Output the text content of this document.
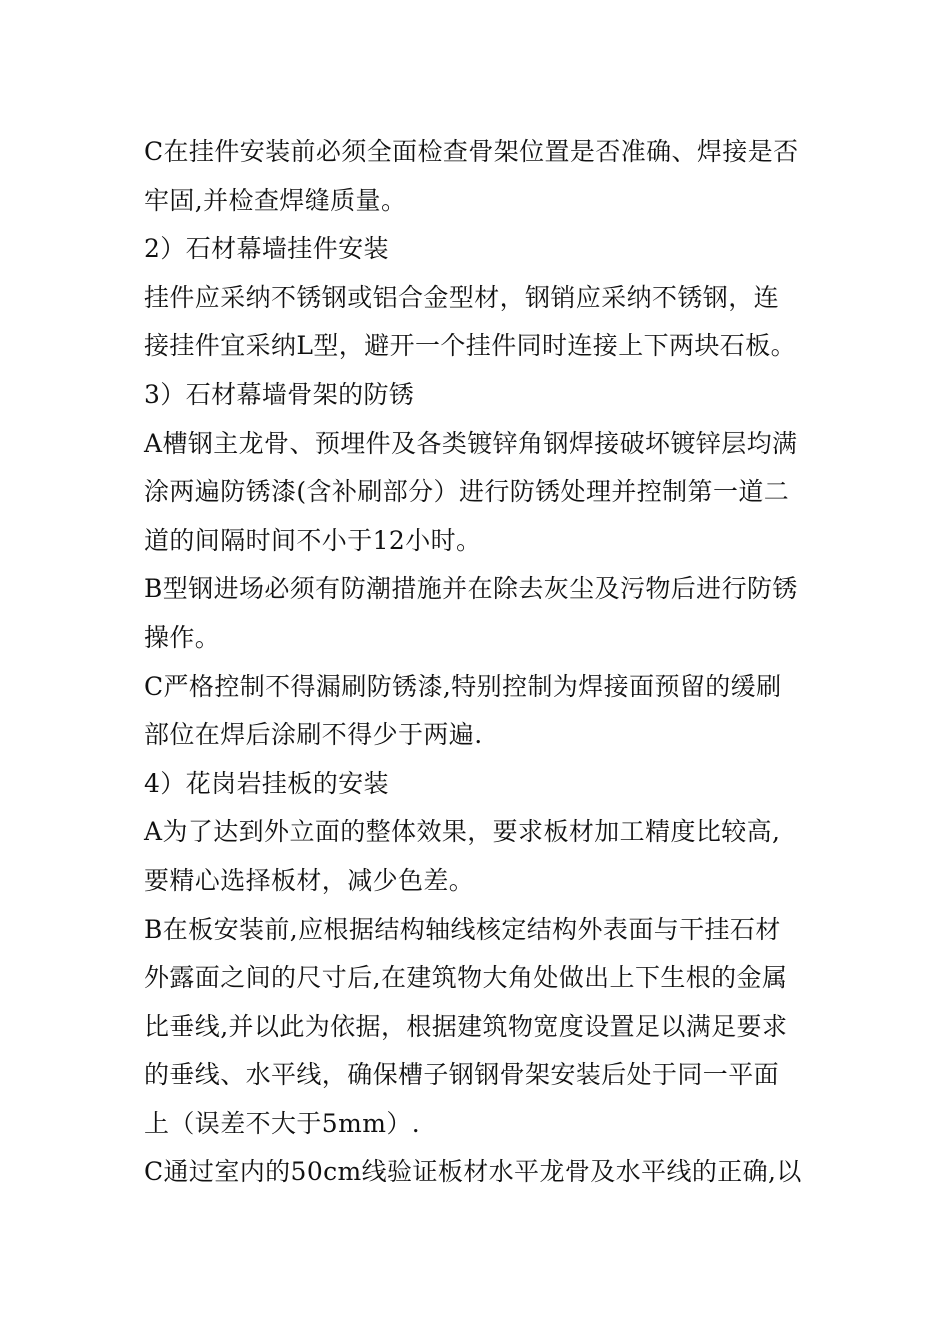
C在挂件安装前必须全面检查骨架位置是否准确、焊接是否
牢固,并检查焊缝质量。
2）石材幕墙挂件安装
挂件应采纳不锈钢或铝合金型材，钢销应采纳不锈钢，连
接挂件宜采纳L型，避开一个挂件同时连接上下两块石板。
3）石材幕墙骨架的防锈
A槽钢主龙骨、预埋件及各类镀锌角钢焊接破坏镀锌层均满
涂两遍防锈漆(含补刷部分）进行防锈处理并控制第一道二
道的间隔时间不小于12小时。
B型钢进场必须有防潮措施并在除去灰尘及污物后进行防锈
操作。
C严格控制不得漏刷防锈漆,特别控制为焊接面预留的缓刷
部位在焊后涂刷不得少于两遍.
4）花岗岩挂板的安装
A为了达到外立面的整体效果，要求板材加工精度比较高,
要精心选择板材，减少色差。
B在板安装前,应根据结构轴线核定结构外表面与干挂石材
外露面之间的尺寸后,在建筑物大角处做出上下生根的金属
比垂线,并以此为依据，根据建筑物宽度设置足以满足要求
的垂线、水平线，确保槽子钢钢骨架安装后处于同一平面
上（误差不大于5mm）.
C通过室内的50cm线验证板材水平龙骨及水平线的正确,以
